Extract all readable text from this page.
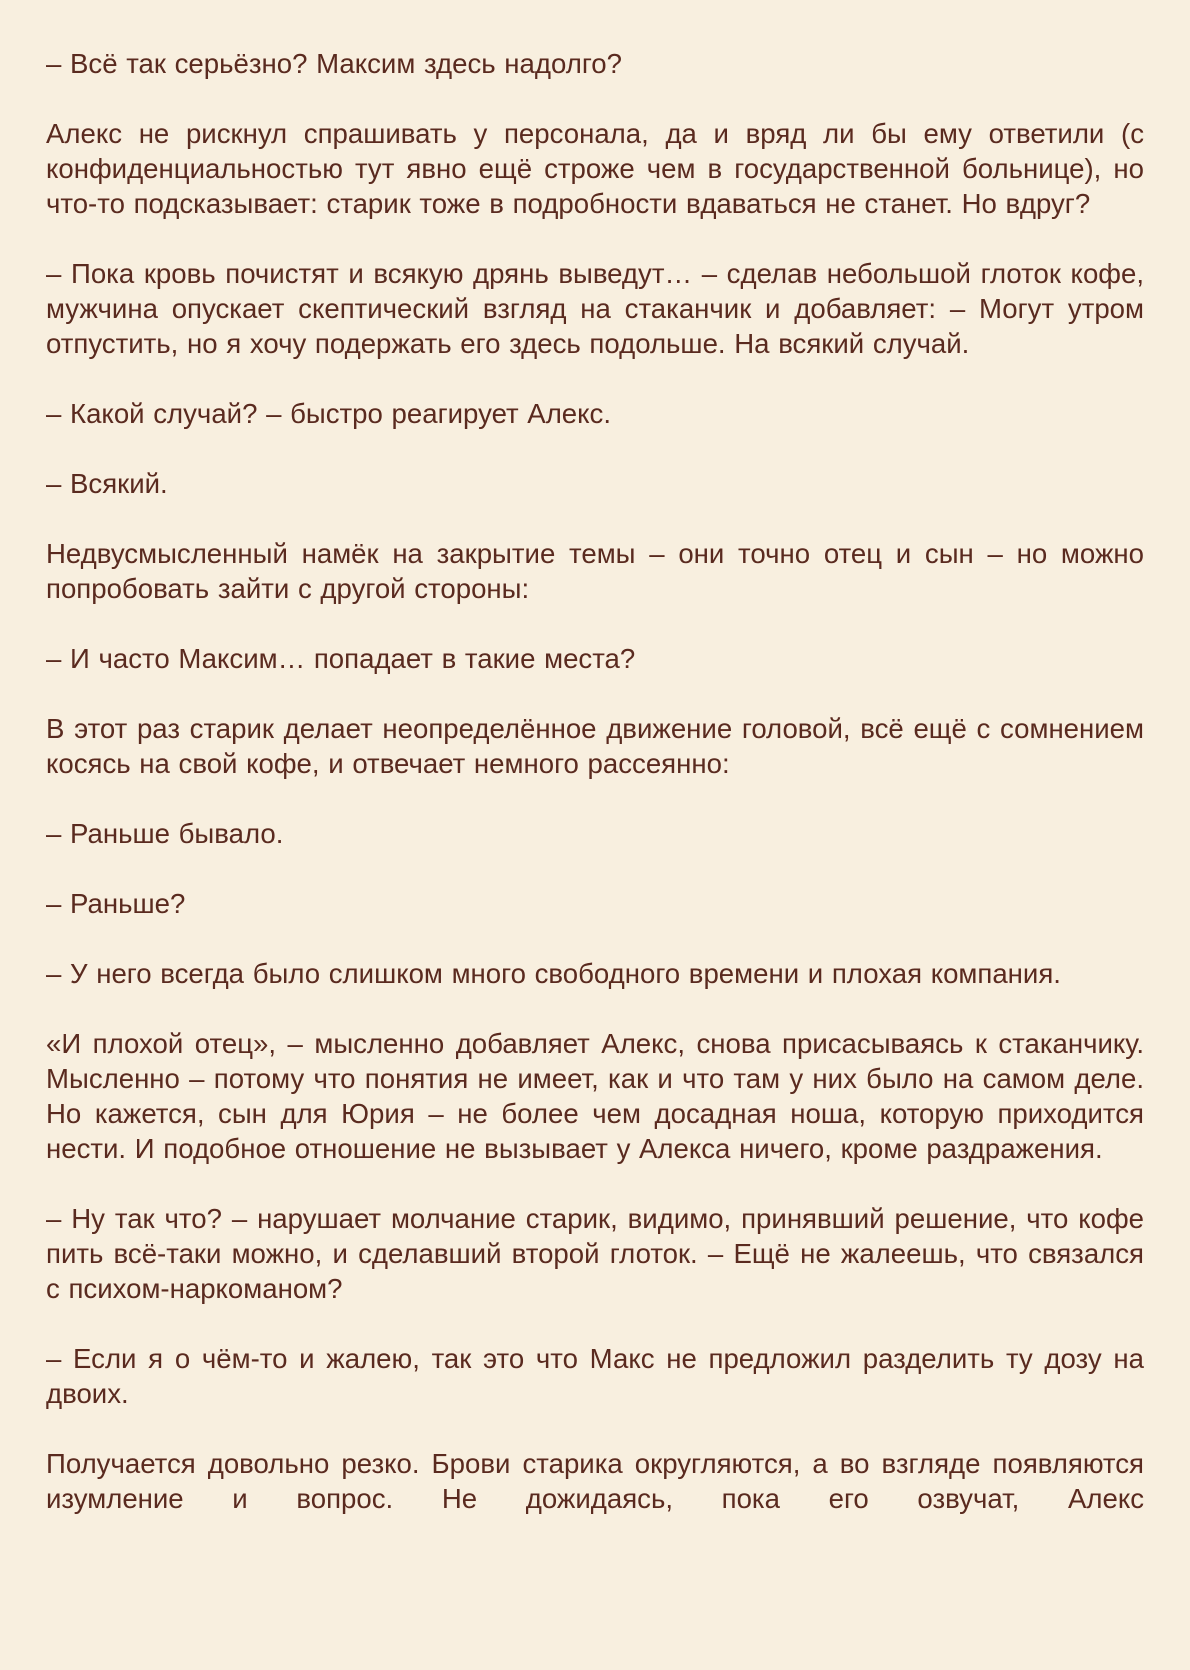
– Всё так серьёзно? Максим здесь надолго?

Алекс не рискнул спрашивать у персонала, да и вряд ли бы ему ответили (с конфиденциальностью тут явно ещё строже чем в государственной больнице), но что-то подсказывает: старик тоже в подробности вдаваться не станет. Но вдруг?

– Пока кровь почистят и всякую дрянь выведут… – сделав небольшой глоток кофе, мужчина опускает скептический взгляд на стаканчик и добавляет: – Могут утром отпустить, но я хочу подержать его здесь подольше. На всякий случай.

– Какой случай? – быстро реагирует Алекс.

– Всякий.

Недвусмысленный намёк на закрытие темы – они точно отец и сын – но можно попробовать зайти с другой стороны:

– И часто Максим… попадает в такие места?

В этот раз старик делает неопределённое движение головой, всё ещё с сомнением косясь на свой кофе, и отвечает немного рассеянно:

– Раньше бывало.

– Раньше?

– У него всегда было слишком много свободного времени и плохая компания.

«И плохой отец», – мысленно добавляет Алекс, снова присасываясь к стаканчику. Мысленно – потому что понятия не имеет, как и что там у них было на самом деле. Но кажется, сын для Юрия – не более чем досадная ноша, которую приходится нести. И подобное отношение не вызывает у Алекса ничего, кроме раздражения.

– Ну так что? – нарушает молчание старик, видимо, принявший решение, что кофе пить всё-таки можно, и сделавший второй глоток. – Ещё не жалеешь, что связался с психом-наркоманом?

– Если я о чём-то и жалею, так это что Макс не предложил разделить ту дозу на двоих.

Получается довольно резко. Брови старика округляются, а во взгляде появляются изумление и вопрос. Не дожидаясь, пока его озвучат, Алекс
